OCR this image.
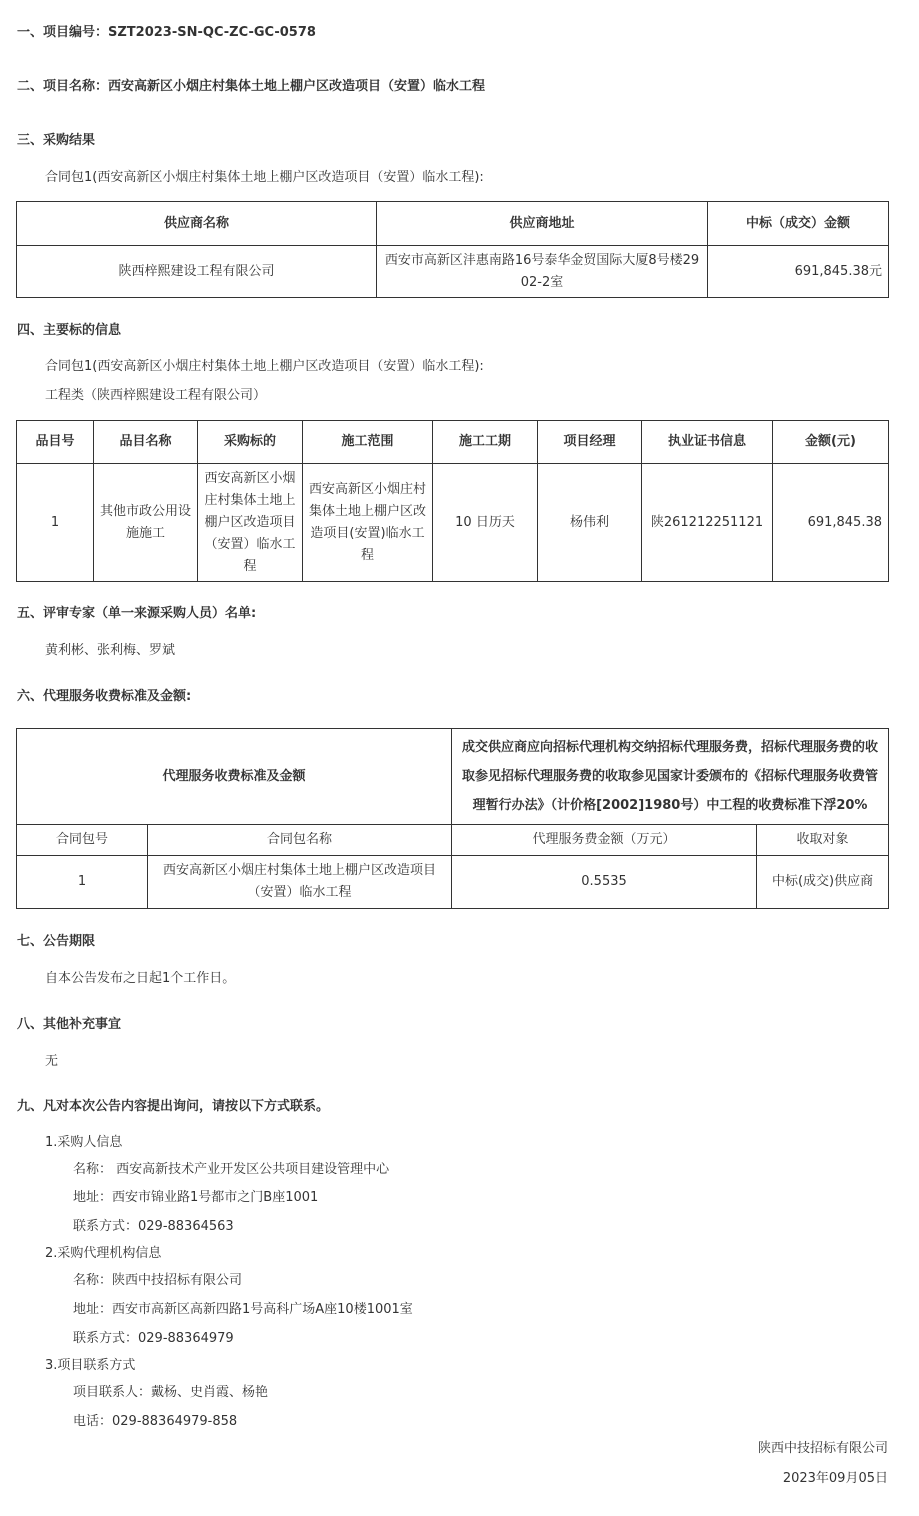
一、项目编号：SZT2023-SN-QC-ZC-GC-0578
二、项目名称：西安高新区小烟庄村集体土地上棚户区改造项目（安置）临水工程
三、采购结果
合同包1(西安高新区小烟庄村集体土地上棚户区改造项目（安置）临水工程):
供应商名称	供应商地址	中标（成交）金额
陕西梓熙建设工程有限公司	西安市高新区沣惠南路16号泰华金贸国际大厦8号楼2902-2室	691,845.38元
四、主要标的信息
合同包1(西安高新区小烟庄村集体土地上棚户区改造项目（安置）临水工程):
工程类（陕西梓熙建设工程有限公司）
品目号	品目名称	采购标的	施工范围	施工工期	项目经理	执业证书信息	金额(元)
1	其他市政公用设施施工	西安高新区小烟庄村集体土地上棚户区改造项目（安置）临水工程	西安高新区小烟庄村集体土地上棚户区改造项目(安置)临水工程	10 日历天	杨伟利	陕261212251121	691,845.38
五、评审专家（单一来源采购人员）名单:
黄利彬、张利梅、罗斌
六、代理服务收费标准及金额:
代理服务收费标准及金额		成交供应商应向招标代理机构交纳招标代理服务费，招标代理服务费的收取参见招标代理服务费的收取参见国家计委颁布的《招标代理服务收费管理暂行办法》（计价格[2002]1980号）中工程的收费标准下浮20%	
合同包号	合同包名称	代理服务费金额（万元）	收取对象
1	西安高新区小烟庄村集体土地上棚户区改造项目（安置）临水工程	0.5535	中标(成交)供应商
七、公告期限
自本公告发布之日起1个工作日。
八、其他补充事宜
无
九、凡对本次公告内容提出询问，请按以下方式联系。
1.采购人信息
名称： 西安高新技术产业开发区公共项目建设管理中心
地址：西安市锦业路1号都市之门B座1001
联系方式：029-88364563
2.采购代理机构信息
名称：陕西中技招标有限公司
地址：西安市高新区高新四路1号高科广场A座10楼1001室
联系方式：029-88364979
3.项目联系方式
项目联系人：戴杨、史肖霞、杨艳
电话：029-88364979-858
陕西中技招标有限公司
2023年09月05日
